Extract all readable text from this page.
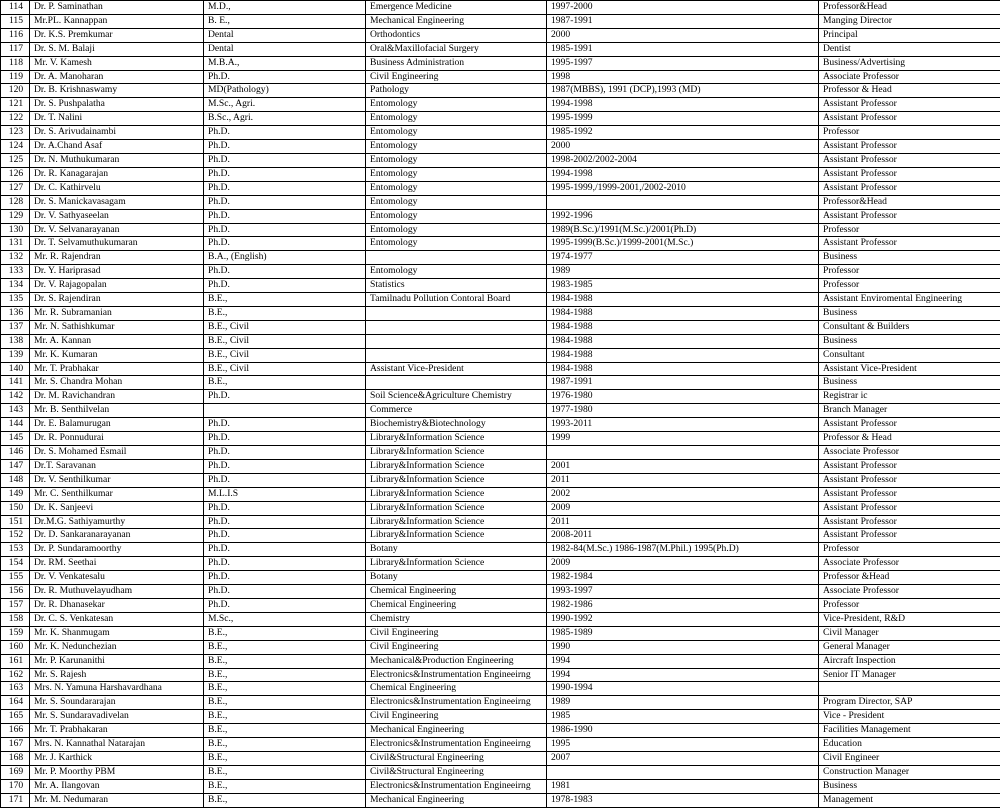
114	Dr. P. Saminathan	M.D.,	Emergence Medicine	1997-2000	Professor&Head
115	Mr.PL. Kannappan	B. E.,	Mechanical Engineering	1987-1991	Manging Director
116	Dr. K.S. Premkumar	Dental	Orthodontics	2000	Principal
117	Dr. S. M. Balaji	Dental	Oral&Maxillofacial Surgery	1985-1991	Dentist
118	Mr. V. Kamesh	M.B.A.,	Business Administration	1995-1997	Business/Advertising
119	Dr. A. Manoharan	Ph.D.	Civil Engineering	1998	Associate Professor
120	Dr. B. Krishnaswamy	MD(Pathology)	Pathology	1987(MBBS), 1991 (DCP),1993 (MD)	Professor & Head
121	Dr. S. Pushpalatha	M.Sc., Agri.	Entomology	1994-1998	Assistant Professor
122	Dr. T. Nalini	B.Sc., Agri.	Entomology	1995-1999	Assistant Professor
123	Dr. S. Arivudainambi	Ph.D.	Entomology	1985-1992	Professor
124	Dr. A.Chand Asaf	Ph.D.	Entomology	2000	Assistant Professor
125	Dr. N. Muthukumaran	Ph.D.	Entomology	1998-2002/2002-2004	Assistant Professor
126	Dr. R. Kanagarajan	Ph.D.	Entomology	1994-1998	Assistant Professor
127	Dr. C. Kathirvelu	Ph.D.	Entomology	1995-1999,/1999-2001,/2002-2010	Assistant Professor
128	Dr. S. Manickavasagam	Ph.D.	Entomology		Professor&Head
129	Dr. V. Sathyaseelan	Ph.D.	Entomology	1992-1996	Assistant Professor
130	Dr. V. Selvanarayanan	Ph.D.	Entomology	1989(B.Sc.)/1991(M.Sc.)/2001(Ph.D)	Professor
131	Dr. T. Selvamuthukumaran	Ph.D.	Entomology	1995-1999(B.Sc.)/1999-2001(M.Sc.)	Assistant Professor
132	Mr. R. Rajendran	B.A., (English)		1974-1977	Business
133	Dr. Y. Hariprasad	Ph.D.	Entomology	1989	Professor
134	Dr. V. Rajagopalan	Ph.D.	Statistics	1983-1985	Professor
135	Dr. S. Rajendiran	B.E.,	Tamilnadu Pollution Contoral Board	1984-1988	Assistant Enviromental Engineering
136	Mr. R. Subramanian	B.E.,		1984-1988	Business
137	Mr. N. Sathishkumar	B.E., Civil		1984-1988	Consultant & Builders
138	Mr. A. Kannan	B.E., Civil		1984-1988	Business
139	Mr. K. Kumaran	B.E., Civil		1984-1988	Consultant
140	Mr. T. Prabhakar	B.E., Civil	Assistant Vice-President	1984-1988	Assistant Vice-President
141	Mr. S. Chandra Mohan	B.E.,		1987-1991	Business
142	Dr. M. Ravichandran	Ph.D.	Soil Science&Agriculture Chemistry	1976-1980	Registrar ic
143	Mr. B. Senthilvelan		Commerce	1977-1980	Branch Manager
144	Dr. E. Balamurugan	Ph.D.	Biochemistry&Biotechnology	1993-2011	Assistant Professor
145	Dr. R. Ponnudurai	Ph.D.	Library&Information Science	1999	Professor & Head
146	Dr. S. Mohamed Esmail	Ph.D.	Library&Information Science		Associate Professor
147	Dr.T. Saravanan	Ph.D.	Library&Information Science	2001	Assistant Professor
148	Dr. V. Senthilkumar	Ph.D.	Library&Information Science	2011	Assistant Professor
149	Mr. C. Senthilkumar	M.L.I.S	Library&Information Science	2002	Assistant Professor
150	Dr. K. Sanjeevi	Ph.D.	Library&Information Science	2009	Assistant Professor
151	Dr.M.G. Sathiyamurthy	Ph.D.	Library&Information Science	2011	Assistant Professor
152	Dr. D. Sankaranarayanan	Ph.D.	Library&Information Science	2008-2011	Assistant Professor
153	Dr. P. Sundaramoorthy	Ph.D.	Botany	1982-84(M.Sc.) 1986-1987(M.Phil.) 1995(Ph.D)	Professor
154	Dr. RM. Seethai	Ph.D.	Library&Information Science	2009	Associate Professor
155	Dr. V. Venkatesalu	Ph.D.	Botany	1982-1984	Professor &Head
156	Dr. R. Muthuvelayudham	Ph.D.	Chemical Engineering	1993-1997	Associate Professor
157	Dr. R. Dhanasekar	Ph.D.	Chemical Engineering	1982-1986	Professor
158	Dr. C. S. Venkatesan	M.Sc.,	Chemistry	1990-1992	Vice-President, R&D
159	Mr. K. Shanmugam	B.E.,	Civil Engineering	1985-1989	Civil Manager
160	Mr. K. Nedunchezian	B.E.,	Civil Engineering	1990	General Manager
161	Mr. P. Karunanithi	B.E.,	Mechanical&Production Engineering	1994	Aircraft Inspection
162	Mr. S. Rajesh	B.E.,	Electronics&Instrumentation Engineeirng	1994	Senior IT Manager
163	Mrs. N. Yamuna Harshavardhana	B.E.,	Chemical Engineering	1990-1994	
164	Mr. S. Soundararajan	B.E.,	Electronics&Instrumentation Engineeirng	1989	Program Director, SAP
165	Mr. S. Sundaravadivelan	B.E.,	Civil Engineering	1985	Vice - President
166	Mr. T. Prabhakaran	B.E.,	Mechanical Engineering	1986-1990	Facilities Management
167	Mrs. N. Kannathal Natarajan	B.E.,	Electronics&Instrumentation Engineeirng	1995	Education
168	Mr. J. Karthick	B.E.,	Civil&Structural Engineering	2007	Civil Engineer
169	Mr. P. Moorthy PBM	B.E.,	Civil&Structural Engineering		Construction Manager
170	Mr. A. Ilangovan	B.E.,	Electronics&Instrumentation Engineeirng	1981	Business
171	Mr. M. Nedumaran	B.E.,	Mechanical Engineering	1978-1983	Management
